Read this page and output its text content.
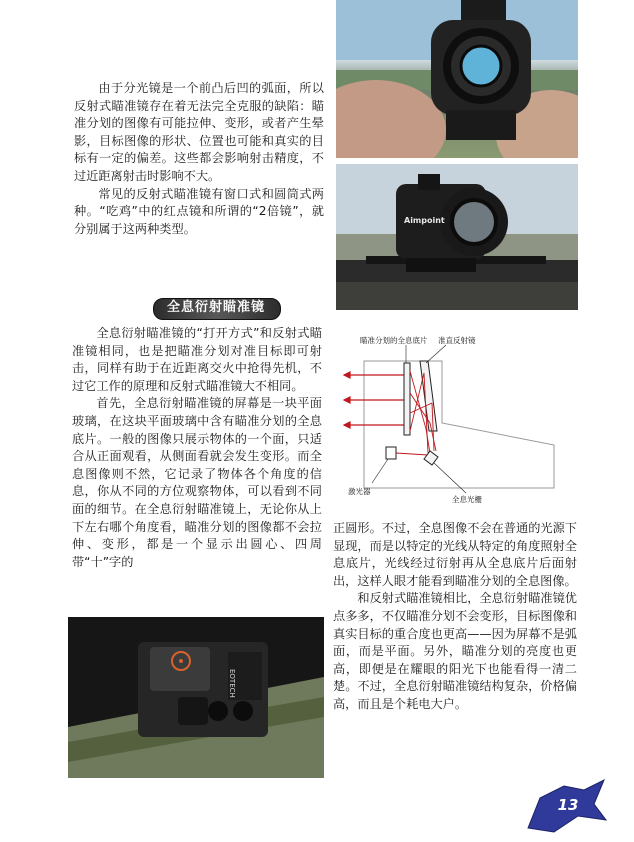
Aimpoint
EOTECH

由于分光镜是一个前凸后凹的弧面，所以反射式瞄准镜存在着无法完全克服的缺陷：瞄准分划的图像有可能拉伸、变形，或者产生晕影，目标图像的形状、位置也可能和真实的目标有一定的偏差。这些都会影响射击精度，不过近距离射击时影响不大。

常见的反射式瞄准镜有窗口式和圆筒式两种。“吃鸡”中的红点镜和所谓的“2倍镜”，就分别属于这两种类型。

全息衍射瞄准镜

全息衍射瞄准镜的“打开方式”和反射式瞄准镜相同，也是把瞄准分划对准目标即可射击，同样有助于在近距离交火中抢得先机，不过它工作的原理和反射式瞄准镜大不相同。

首先，全息衍射瞄准镜的屏幕是一块平面玻璃，在这块平面玻璃中含有瞄准分划的全息底片。一般的图像只展示物体的一个面，只适合从正面观看，从侧面看就会发生变形。而全息图像则不然，它记录了物体各个角度的信息，你从不同的方位观察物体，可以看到不同面的细节。在全息衍射瞄准镜上，无论你从上下左右哪个角度看，瞄准分划的图像都不会拉伸、变形，都是一个显示出圆心、四周带“十”字的

瞄准分划的全息底片 准直反射镜
激光器
全息光栅

正圆形。不过，全息图像不会在普通的光源下显现，而是以特定的光线从特定的角度照射全息底片，光线经过衍射再从全息底片后面射出，这样人眼才能看到瞄准分划的全息图像。

和反射式瞄准镜相比，全息衍射瞄准镜优点多多，不仅瞄准分划不会变形，目标图像和真实目标的重合度也更高——因为屏幕不是弧面，而是平面。另外，瞄准分划的亮度也更高，即便是在耀眼的阳光下也能看得一清二楚。不过，全息衍射瞄准镜结构复杂，价格偏高，而且是个耗电大户。

13
